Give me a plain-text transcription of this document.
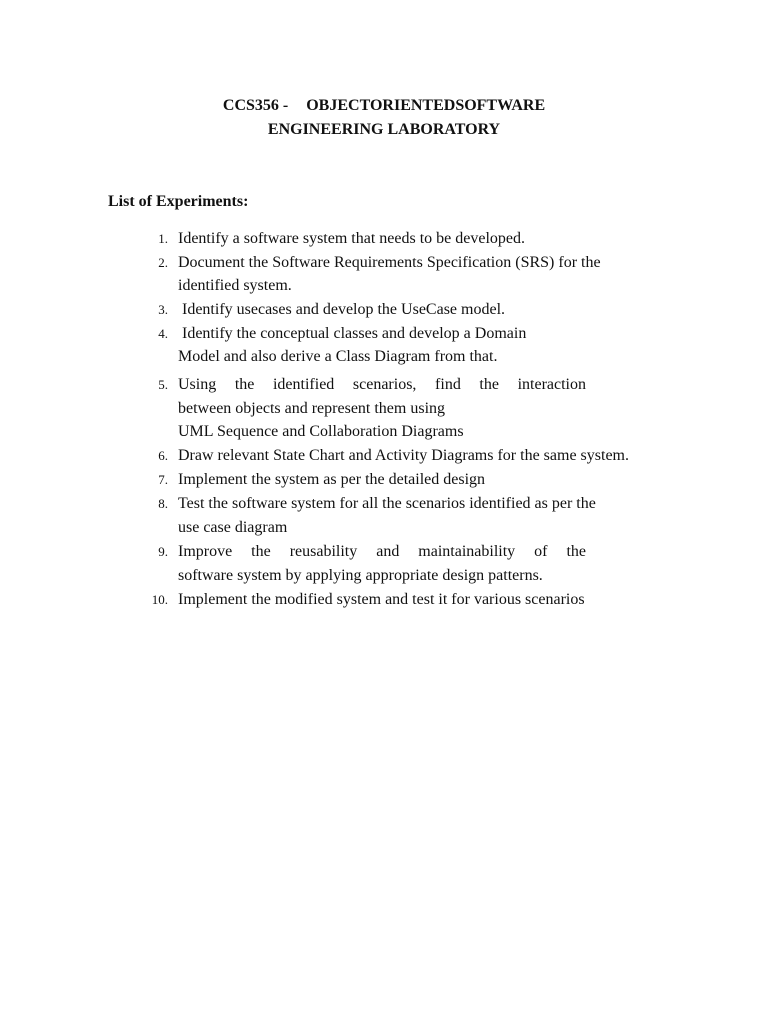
CCS356 - OBJECTORIENTEDSOFTWARE
ENGINEERING LABORATORY
List of Experiments:
1. Identify a software system that needs to be developed.
2. Document the Software Requirements Specification (SRS) for the
identified system.
3. Identify usecases and develop the UseCase model.
4. Identify the conceptual classes and develop a Domain
Model and also derive a Class Diagram from that.
5. Using the identified scenarios, find the interaction
between objects and represent them using
UML Sequence and Collaboration Diagrams
6. Draw relevant State Chart and Activity Diagrams for the same system.
7. Implement the system as per the detailed design
8. Test the software system for all the scenarios identified as per the
use case diagram
9. Improve the reusability and maintainability of the
software system by applying appropriate design patterns.
10. Implement the modified system and test it for various scenarios
